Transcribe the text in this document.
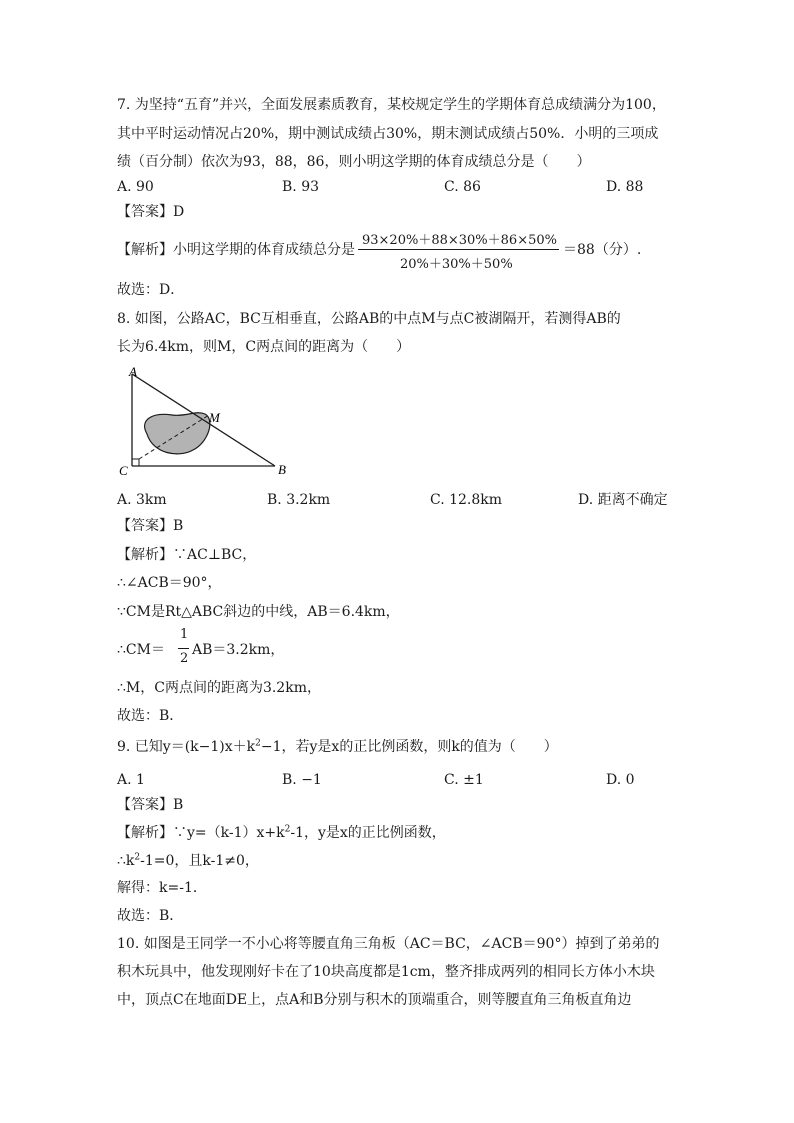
7. 为坚持“五育”并兴，全面发展素质教育，某校规定学生的学期体育总成绩满分为100，
其中平时运动情况占20%，期中测试成绩占30%，期末测试成绩占50%．小明的三项成
绩（百分制）依次为93，88，86，则小明这学期的体育成绩总分是（　　）
A. 90	B. 93	C. 86	D. 88
【答案】D
【解析】小明这学期的体育成绩总分是
93×20%＋88×30%＋86×50%
20%＋30%＋50%
＝88（分）.
故选：D．
8. 如图，公路AC，BC互相垂直，公路AB的中点M与点C被湖隔开，若测得AB的
长为6.4km，则M，C两点间的距离为（　　）
A
M
C	B
A. 3km	B. 3.2km	C. 12.8km	D. 距离不确定
【答案】B
【解析】∵AC⊥BC，
∴∠ACB＝90°，
∵CM是Rt△ABC斜边的中线，AB＝6.4km，
∴CM＝
1
2
AB＝3.2km，
∴M，C两点间的距离为3.2km，
故选：B．
9. 已知$y=(k-1)x+k^2-1$，若y是x的正比例函数，则k的值为（　　）
A. 1	B. −1	C. ±1	D. 0
【答案】B
【解析】$\because y=(k-1)x+k^2-1$，y是x的正比例函数，
$\therefore k^2-1=0$，且k-1≠0，
解得：k=-1．
故选：B．
10. 如图是王同学一不小心将等腰直角三角板（AC＝BC，∠ACB＝90°）掉到了弟弟的
积木玩具中，他发现刚好卡在了10块高度都是1cm，整齐排成两列的相同长方体小木块
中，顶点C在地面DE上，点A和B分别与积木的顶端重合，则等腰直角三角板直角边
